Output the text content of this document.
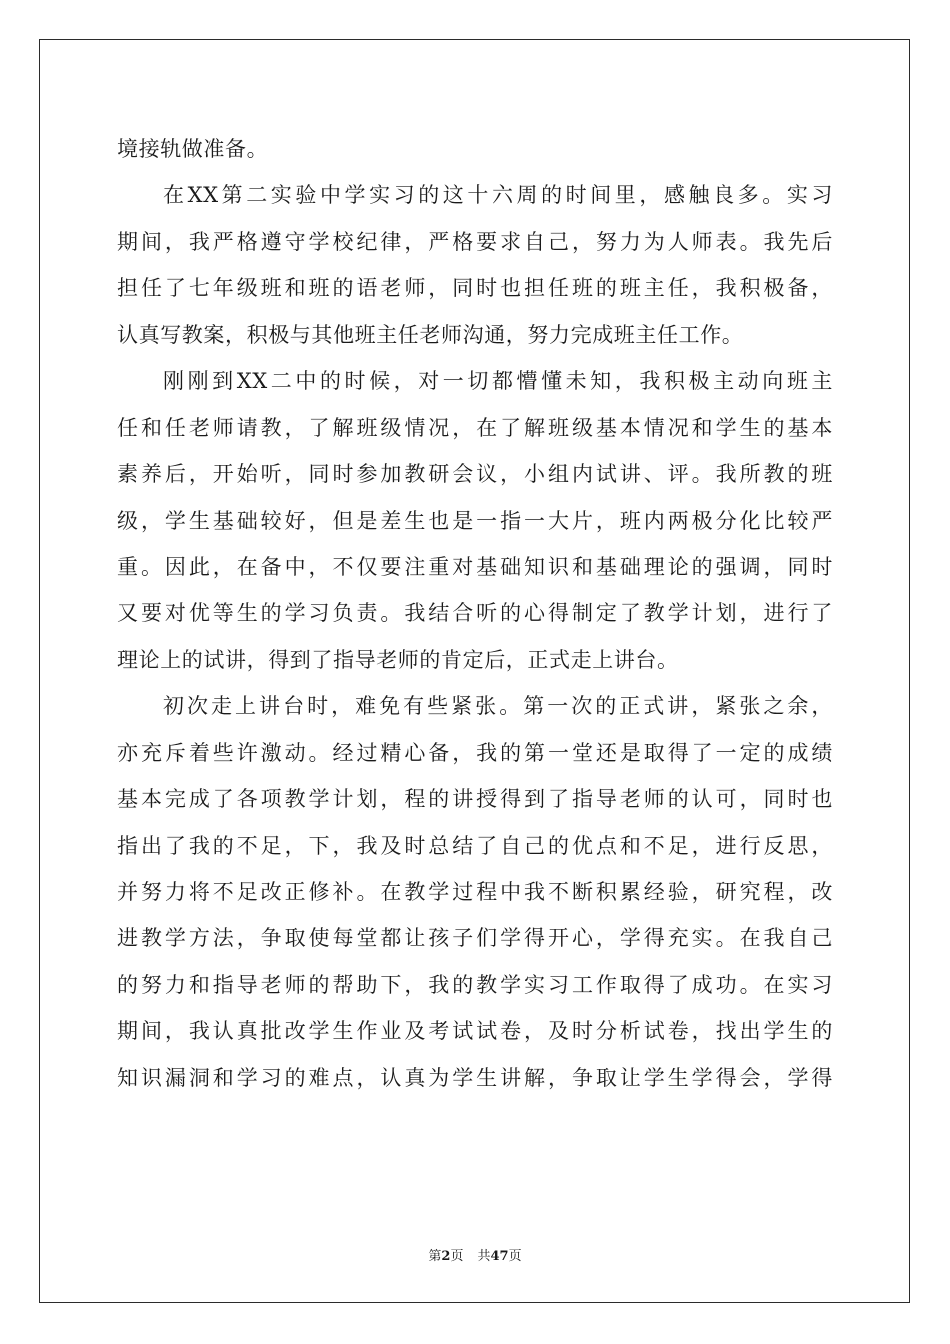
境接轨做准备。
在XX第二实验中学实习的这十六周的时间里，感触良多。实习
期间，我严格遵守学校纪律，严格要求自己，努力为人师表。我先后
担任了七年级班和班的语老师，同时也担任班的班主任，我积极备，
认真写教案，积极与其他班主任老师沟通，努力完成班主任工作。
刚刚到XX二中的时候，对一切都懵懂未知，我积极主动向班主
任和任老师请教，了解班级情况，在了解班级基本情况和学生的基本
素养后，开始听，同时参加教研会议，小组内试讲、评。我所教的班
级，学生基础较好，但是差生也是一指一大片，班内两极分化比较严
重。因此，在备中，不仅要注重对基础知识和基础理论的强调，同时
又要对优等生的学习负责。我结合听的心得制定了教学计划，进行了
理论上的试讲，得到了指导老师的肯定后，正式走上讲台。
初次走上讲台时，难免有些紧张。第一次的正式讲，紧张之余，
亦充斥着些许激动。经过精心备，我的第一堂还是取得了一定的成绩
基本完成了各项教学计划，程的讲授得到了指导老师的认可，同时也
指出了我的不足，下，我及时总结了自己的优点和不足，进行反思，
并努力将不足改正修补。在教学过程中我不断积累经验，研究程，改
进教学方法，争取使每堂都让孩子们学得开心，学得充实。在我自己
的努力和指导老师的帮助下，我的教学实习工作取得了成功。在实习
期间，我认真批改学生作业及考试试卷，及时分析试卷，找出学生的
知识漏洞和学习的难点，认真为学生讲解，争取让学生学得会，学得
第2页 共47页
